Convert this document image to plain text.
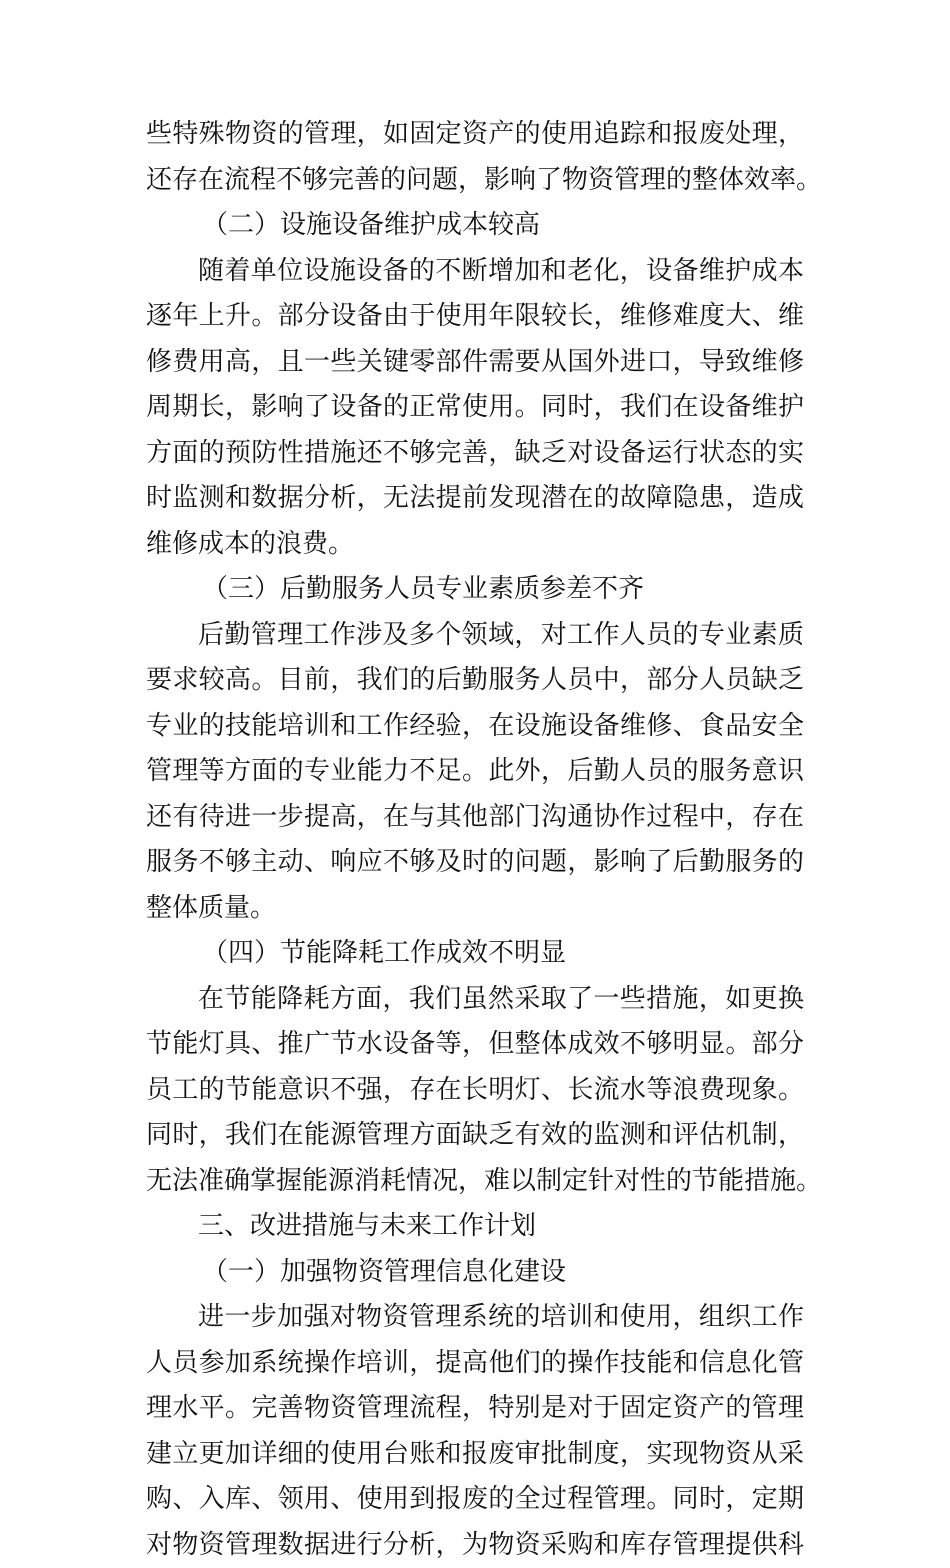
些特殊物资的管理，如固定资产的使用追踪和报废处理，
还存在流程不够完善的问题，影响了物资管理的整体效率。
（二）设施设备维护成本较高
随着单位设施设备的不断增加和老化，设备维护成本
逐年上升。部分设备由于使用年限较长，维修难度大、维
修费用高，且一些关键零部件需要从国外进口，导致维修
周期长，影响了设备的正常使用。同时，我们在设备维护
方面的预防性措施还不够完善，缺乏对设备运行状态的实
时监测和数据分析，无法提前发现潜在的故障隐患，造成
维修成本的浪费。
（三）后勤服务人员专业素质参差不齐
后勤管理工作涉及多个领域，对工作人员的专业素质
要求较高。目前，我们的后勤服务人员中，部分人员缺乏
专业的技能培训和工作经验，在设施设备维修、食品安全
管理等方面的专业能力不足。此外，后勤人员的服务意识
还有待进一步提高，在与其他部门沟通协作过程中，存在
服务不够主动、响应不够及时的问题，影响了后勤服务的
整体质量。
（四）节能降耗工作成效不明显
在节能降耗方面，我们虽然采取了一些措施，如更换
节能灯具、推广节水设备等，但整体成效不够明显。部分
员工的节能意识不强，存在长明灯、长流水等浪费现象。
同时，我们在能源管理方面缺乏有效的监测和评估机制，
无法准确掌握能源消耗情况，难以制定针对性的节能措施。
三、改进措施与未来工作计划
（一）加强物资管理信息化建设
进一步加强对物资管理系统的培训和使用，组织工作
人员参加系统操作培训，提高他们的操作技能和信息化管
理水平。完善物资管理流程，特别是对于固定资产的管理
建立更加详细的使用台账和报废审批制度，实现物资从采
购、入库、领用、使用到报废的全过程管理。同时，定期
对物资管理数据进行分析，为物资采购和库存管理提供科
